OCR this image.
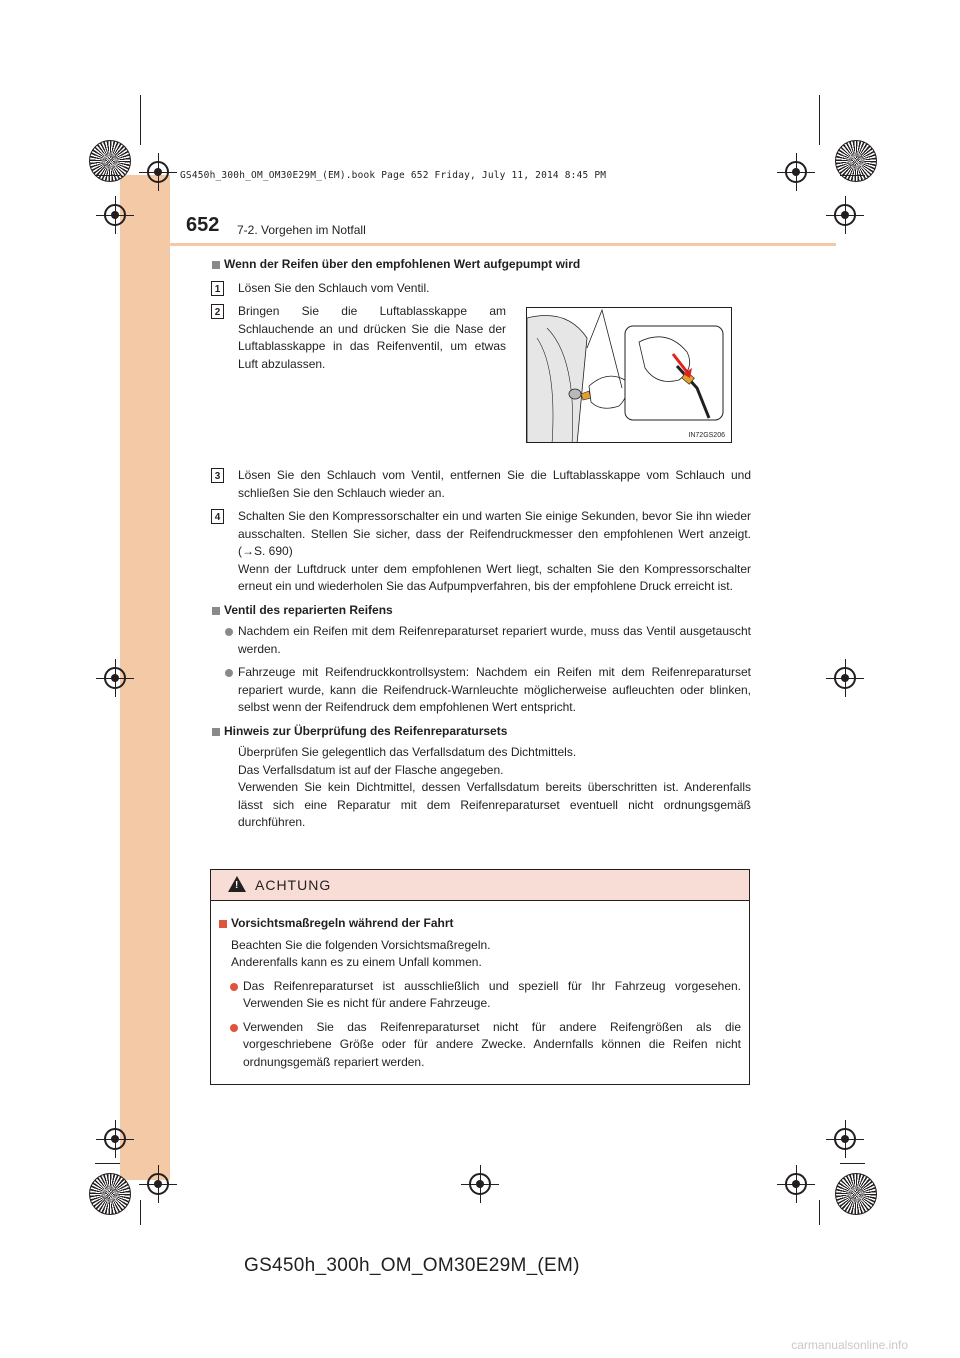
GS450h_300h_OM_OM30E29M_(EM).book Page 652 Friday, July 11, 2014 8:45 PM
652 7-2. Vorgehen im Notfall

Wenn der Reifen über den empfohlenen Wert aufgepumpt wird

1	Lösen Sie den Schlauch vom Ventil.

2	Bringen Sie die Luftablasskappe am Schlauchende an und drücken Sie die Nase der Luftablasskappe in das Reifenventil, um etwas Luft abzulassen.

3	Lösen Sie den Schlauch vom Ventil, entfernen Sie die Luftablasskappe vom Schlauch und schließen Sie den Schlauch wieder an.

4	Schalten Sie den Kompressorschalter ein und warten Sie einige Sekunden, bevor Sie ihn wieder ausschalten. Stellen Sie sicher, dass der Reifendruckmesser den empfohlenen Wert anzeigt. (→S. 690)

Wenn der Luftdruck unter dem empfohlenen Wert liegt, schalten Sie den Kompressorschalter erneut ein und wiederholen Sie das Aufpumpverfahren, bis der empfohlene Druck erreicht ist.

Ventil des reparierten Reifens

Nachdem ein Reifen mit dem Reifenreparaturset repariert wurde, muss das Ventil ausgetauscht werden.

Fahrzeuge mit Reifendruckkontrollsystem: Nachdem ein Reifen mit dem Reifenreparaturset repariert wurde, kann die Reifendruck-Warnleuchte möglicherweise aufleuchten oder blinken, selbst wenn der Reifendruck dem empfohlenen Wert entspricht.

Hinweis zur Überprüfung des Reifenreparatursets

Überprüfen Sie gelegentlich das Verfallsdatum des Dichtmittels.

Das Verfallsdatum ist auf der Flasche angegeben.

Verwenden Sie kein Dichtmittel, dessen Verfallsdatum bereits überschritten ist. Anderenfalls lässt sich eine Reparatur mit dem Reifenreparaturset eventuell nicht ordnungsgemäß durchführen.

IN72GS206
! ACHTUNG

Vorsichtsmaßregeln während der Fahrt

Beachten Sie die folgenden Vorsichtsmaßregeln.

Anderenfalls kann es zu einem Unfall kommen.

Das Reifenreparaturset ist ausschließlich und speziell für Ihr Fahrzeug vorgesehen. Verwenden Sie es nicht für andere Fahrzeuge.

Verwenden Sie das Reifenreparaturset nicht für andere Reifengrößen als die vorgeschriebene Größe oder für andere Zwecke. Andernfalls können die Reifen nicht ordnungsgemäß repariert werden.

GS450h_300h_OM_OM30E29M_(EM)
carmanualsonline.info
